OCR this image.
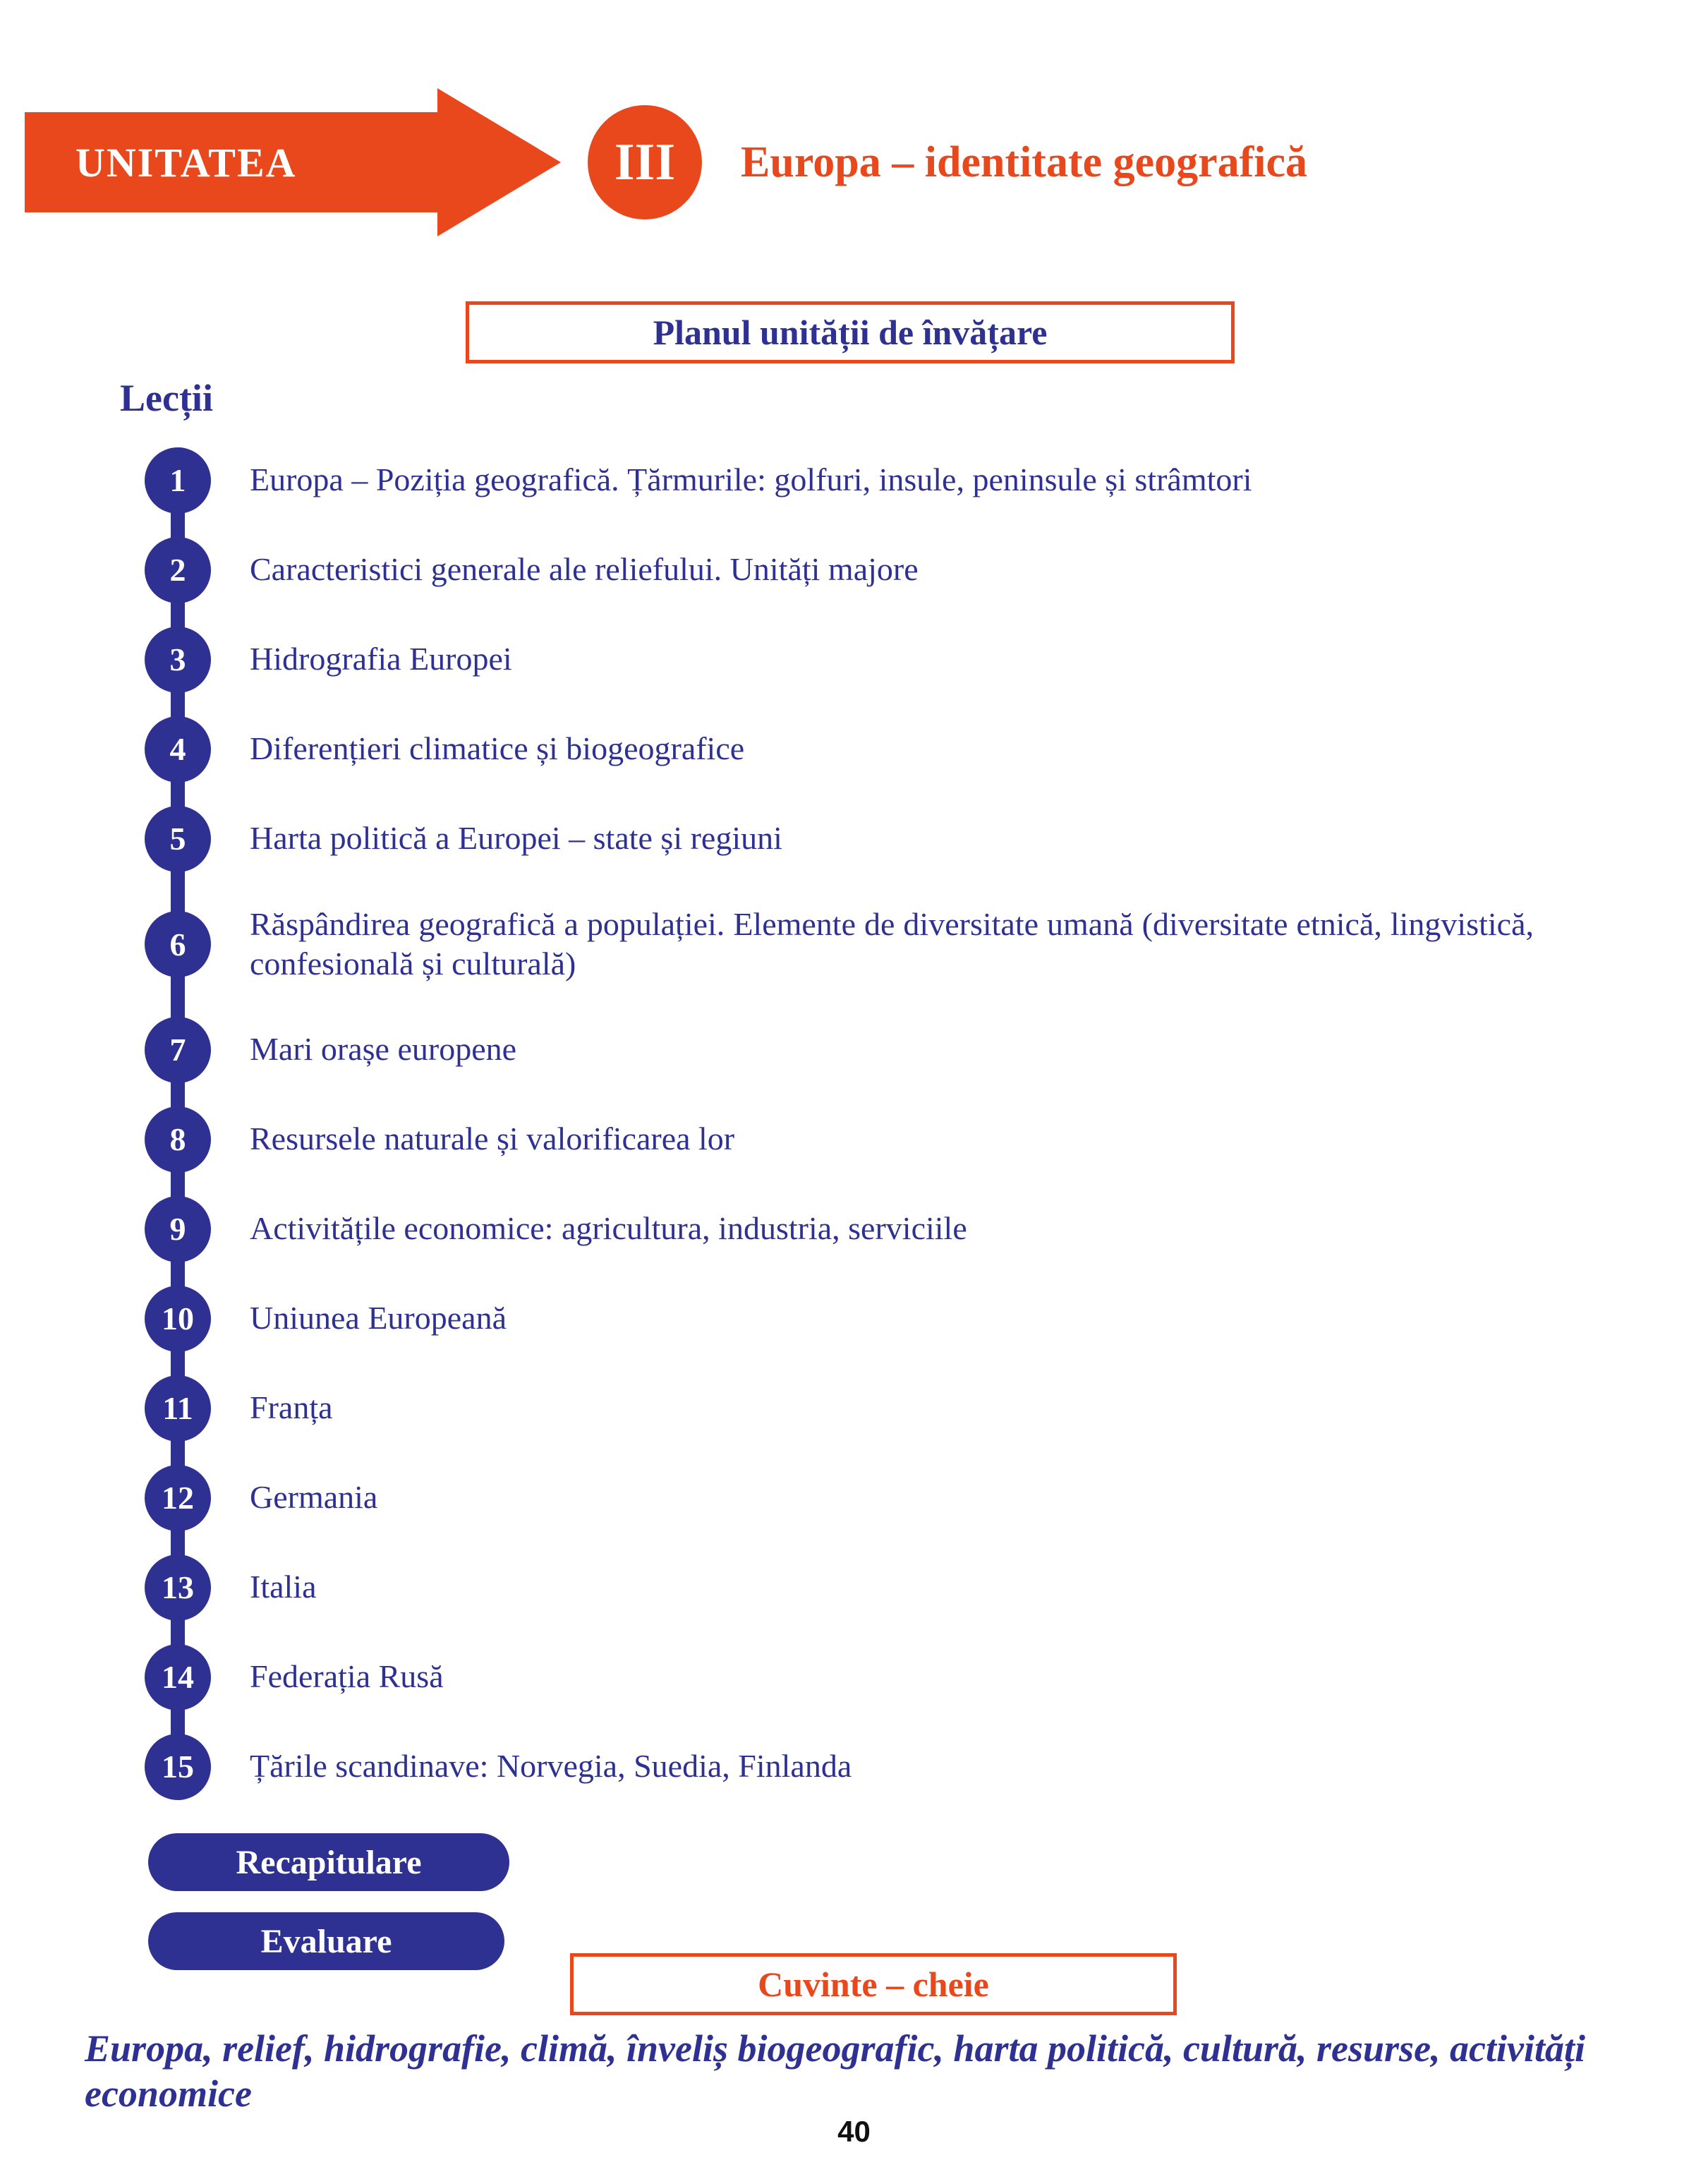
UNITATEA	III Europa – identitate geografică
Planul unității de învățare
Lecții
1 Europa – Poziția geografică. Țărmurile: golfuri, insule, peninsule și strâmtori
2 Caracteristici generale ale reliefului. Unități majore
3 Hidrografia Europei
4 Diferențieri climatice și biogeografice
5 Harta politică a Europei – state și regiuni
6
Răspândirea geografică a populației. Elemente de diversitate umană (diversitate etnică, lingvistică, confesională și culturală)
7 Mari orașe europene
8 Resursele naturale și valorificarea lor
9 Activitățile economice: agricultura, industria, serviciile
10 Uniunea Europeană
11 Franța
12 Germania
13 Italia
14 Federația Rusă
15 Țările scandinave: Norvegia, Suedia, Finlanda
Recapitulare
Evaluare
Cuvinte – cheie
Europa, relief, hidrografie, climă, înveliș biogeografic, harta politică, cultură, resurse, activități economice
40
